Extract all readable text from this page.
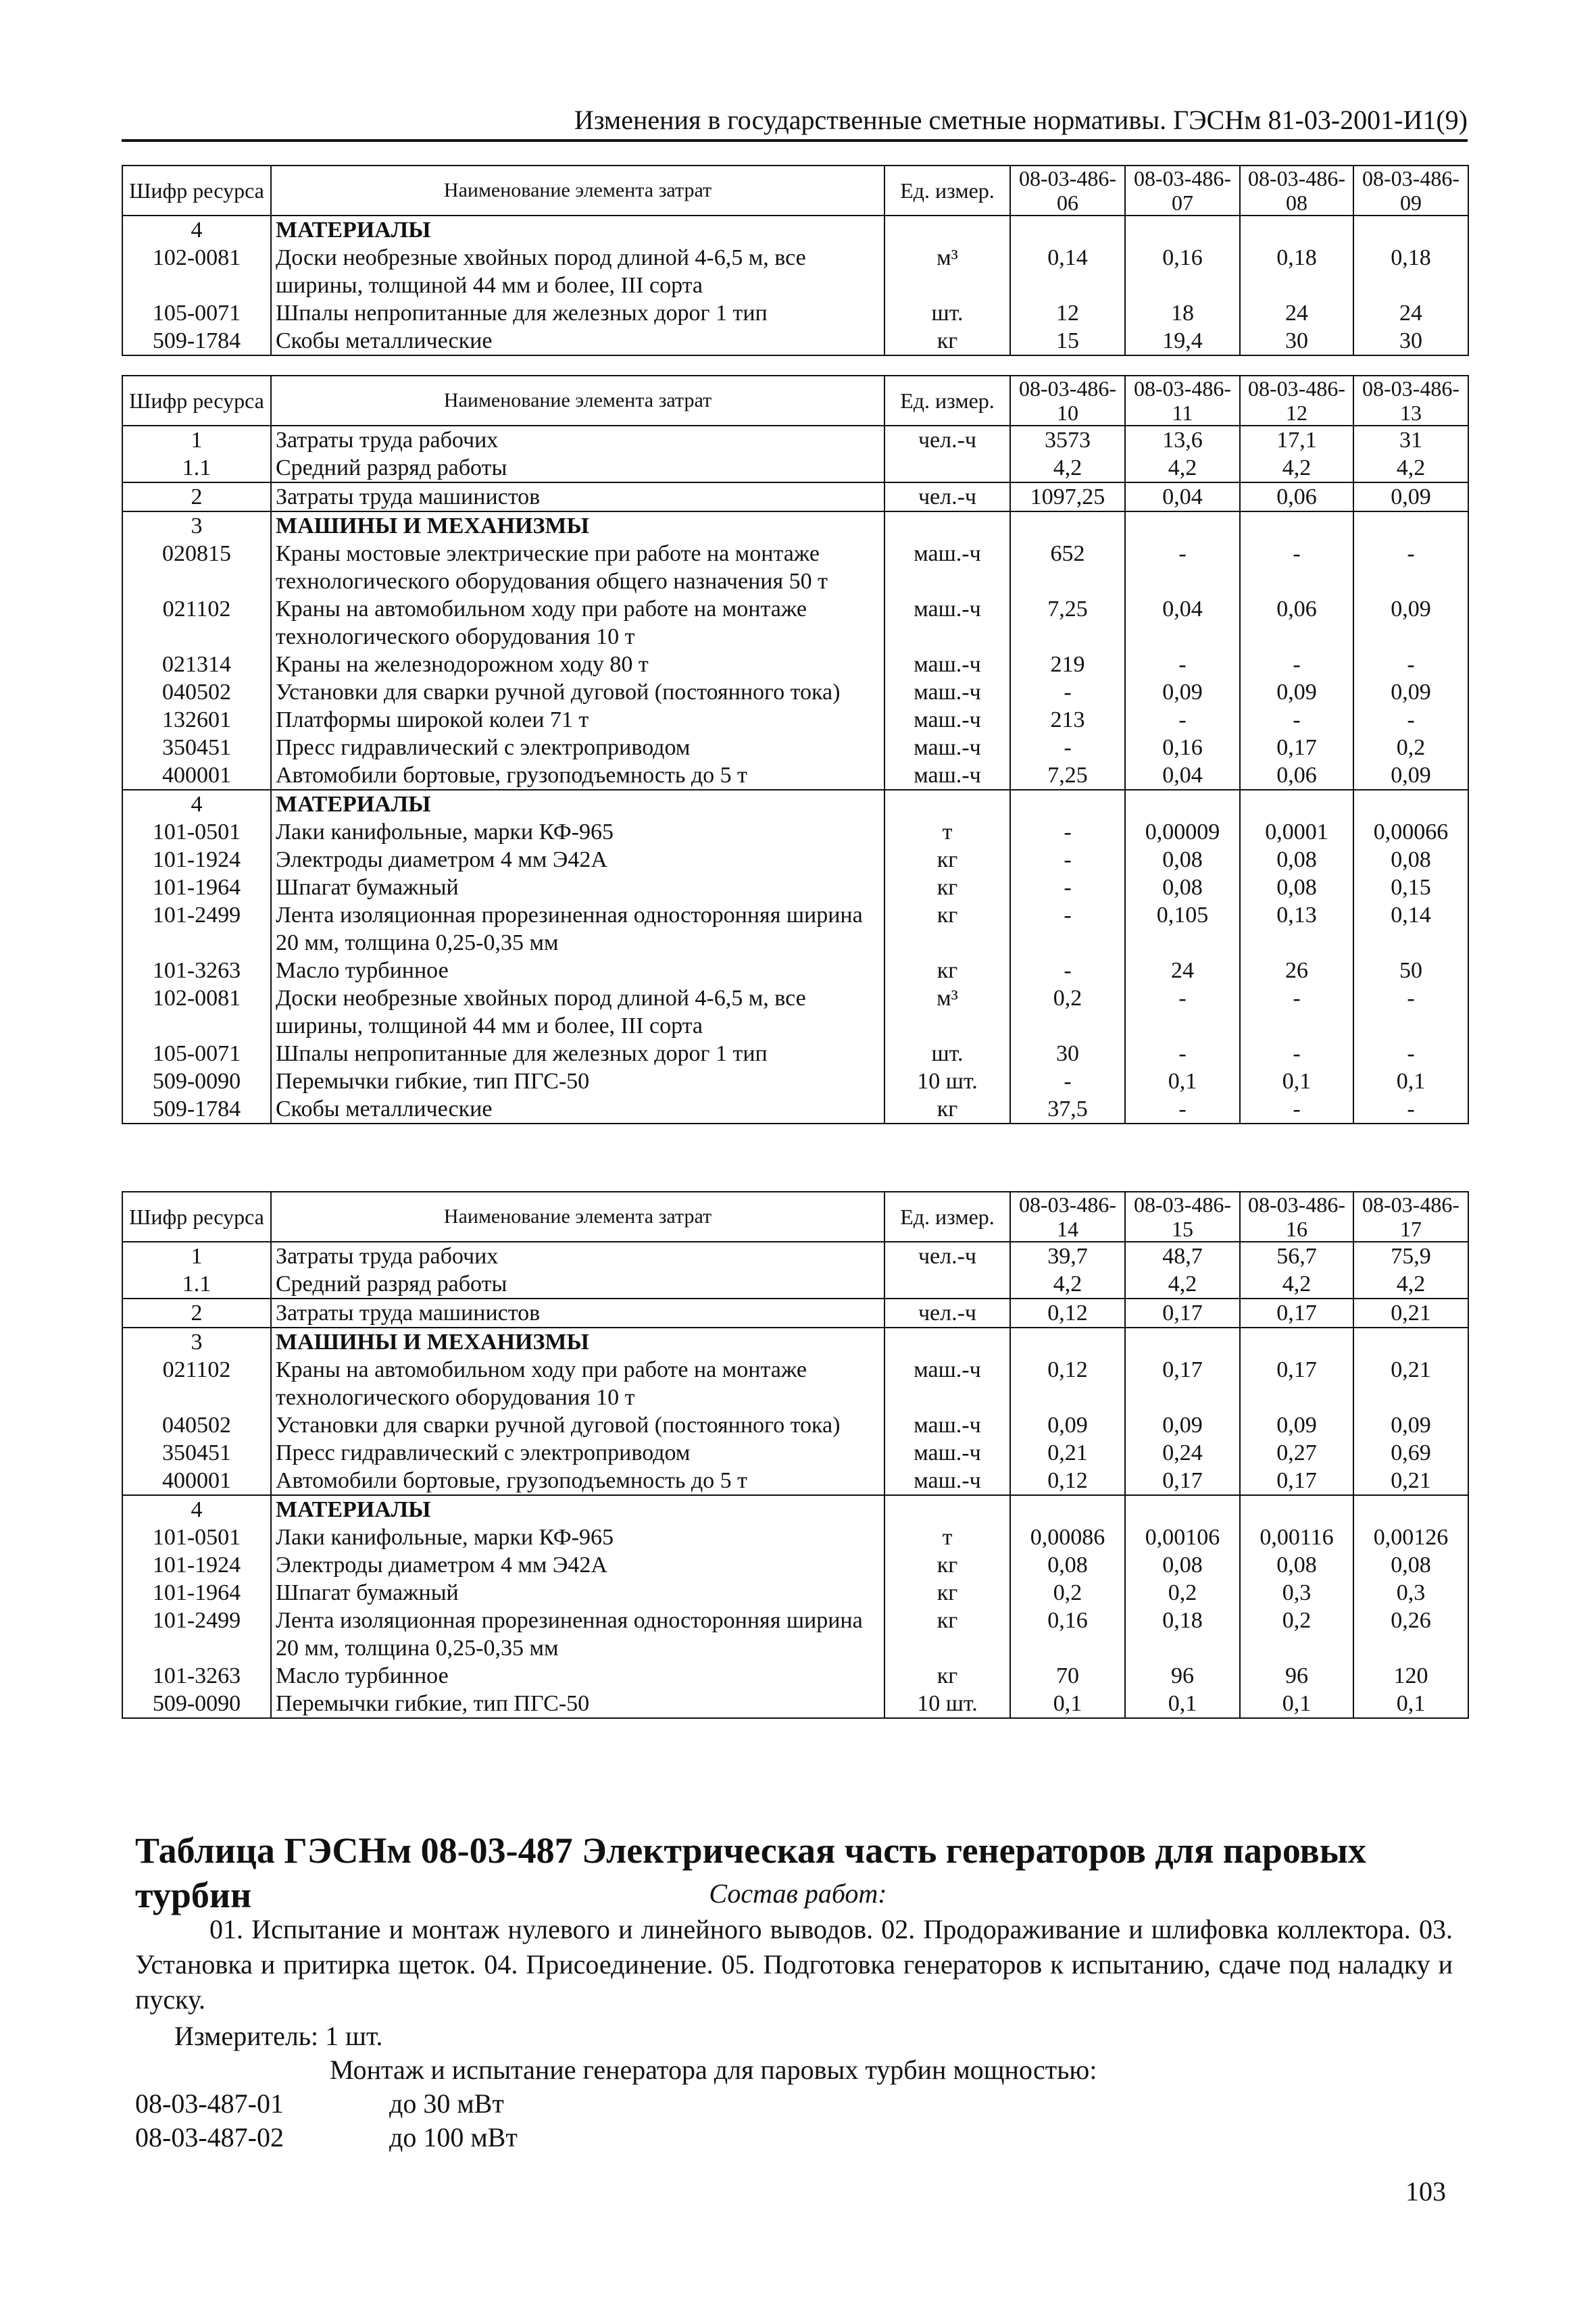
Изменения в государственные сметные нормативы. ГЭСНм 81-03-2001-И1(9)
Шифр ресурса	Наименование элемента затрат	Ед. измер.	08-03-486-06	08-03-486-07	08-03-486-08	08-03-486-09
4	МАТЕРИАЛЫ					
102-0081	Доски необрезные хвойных пород длиной 4-6,5 м, все ширины, толщиной 44 мм и более, III сорта	м³	0,14	0,16	0,18	0,18
105-0071	Шпалы непропитанные для железных дорог 1 тип	шт.	12	18	24	24
509-1784	Скобы металлические	кг	15	19,4	30	30
Шифр ресурса	Наименование элемента затрат	Ед. измер.	08-03-486-10	08-03-486-11	08-03-486-12	08-03-486-13
1	Затраты труда рабочих	чел.-ч	3573	13,6	17,1	31
1.1	Средний разряд работы		4,2	4,2	4,2	4,2
2	Затраты труда машинистов	чел.-ч	1097,25	0,04	0,06	0,09
3	МАШИНЫ И МЕХАНИЗМЫ					
020815	Краны мостовые электрические при работе на монтаже технологического оборудования общего назначения 50 т	маш.-ч	652	-	-	-
021102	Краны на автомобильном ходу при работе на монтаже технологического оборудования 10 т	маш.-ч	7,25	0,04	0,06	0,09
021314	Краны на железнодорожном ходу 80 т	маш.-ч	219	-	-	-
040502	Установки для сварки ручной дуговой (постоянного тока)	маш.-ч	-	0,09	0,09	0,09
132601	Платформы широкой колеи 71 т	маш.-ч	213	-	-	-
350451	Пресс гидравлический с электроприводом	маш.-ч	-	0,16	0,17	0,2
400001	Автомобили бортовые, грузоподъемность до 5 т	маш.-ч	7,25	0,04	0,06	0,09
4	МАТЕРИАЛЫ					
101-0501	Лаки канифольные, марки КФ-965	т	-	0,00009	0,0001	0,00066
101-1924	Электроды диаметром 4 мм Э42А	кг	-	0,08	0,08	0,08
101-1964	Шпагат бумажный	кг	-	0,08	0,08	0,15
101-2499	Лента изоляционная прорезиненная односторонняя ширина 20 мм, толщина 0,25-0,35 мм	кг	-	0,105	0,13	0,14
101-3263	Масло турбинное	кг	-	24	26	50
102-0081	Доски необрезные хвойных пород длиной 4-6,5 м, все ширины, толщиной 44 мм и более, III сорта	м³	0,2	-	-	-
105-0071	Шпалы непропитанные для железных дорог 1 тип	шт.	30	-	-	-
509-0090	Перемычки гибкие, тип ПГС-50	10 шт.	-	0,1	0,1	0,1
509-1784	Скобы металлические	кг	37,5	-	-	-
Шифр ресурса	Наименование элемента затрат	Ед. измер.	08-03-486-14	08-03-486-15	08-03-486-16	08-03-486-17
1	Затраты труда рабочих	чел.-ч	39,7	48,7	56,7	75,9
1.1	Средний разряд работы		4,2	4,2	4,2	4,2
2	Затраты труда машинистов	чел.-ч	0,12	0,17	0,17	0,21
3	МАШИНЫ И МЕХАНИЗМЫ					
021102	Краны на автомобильном ходу при работе на монтаже технологического оборудования 10 т	маш.-ч	0,12	0,17	0,17	0,21
040502	Установки для сварки ручной дуговой (постоянного тока)	маш.-ч	0,09	0,09	0,09	0,09
350451	Пресс гидравлический с электроприводом	маш.-ч	0,21	0,24	0,27	0,69
400001	Автомобили бортовые, грузоподъемность до 5 т	маш.-ч	0,12	0,17	0,17	0,21
4	МАТЕРИАЛЫ					
101-0501	Лаки канифольные, марки КФ-965	т	0,00086	0,00106	0,00116	0,00126
101-1924	Электроды диаметром 4 мм Э42А	кг	0,08	0,08	0,08	0,08
101-1964	Шпагат бумажный	кг	0,2	0,2	0,3	0,3
101-2499	Лента изоляционная прорезиненная односторонняя ширина 20 мм, толщина 0,25-0,35 мм	кг	0,16	0,18	0,2	0,26
101-3263	Масло турбинное	кг	70	96	96	120
509-0090	Перемычки гибкие, тип ПГС-50	10 шт.	0,1	0,1	0,1	0,1
Таблица ГЭСНм 08-03-487 Электрическая часть генераторов для паровых турбин	Состав работ:
01. Испытание и монтаж нулевого и линейного выводов. 02. Продораживание и шлифовка коллектора. 03. Установка и притирка щеток. 04. Присоединение. 05. Подготовка генераторов к испытанию, сдаче под наладку и пуску.
Измеритель: 1 шт.
Монтаж и испытание генератора для паровых турбин мощностью:
08-03-487-01	до 30 мВт
08-03-487-02	до 100 мВт
103
